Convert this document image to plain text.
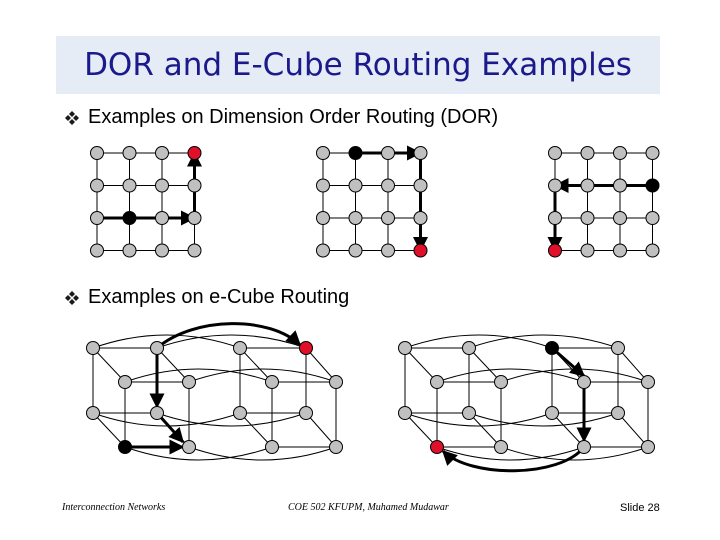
DOR and E-Cube Routing Examples
Examples on Dimension Order Routing (DOR)
Examples on e-Cube Routing
Interconnection Networks	COE 502 KFUPM, Muhamed Mudawar	Slide 28
